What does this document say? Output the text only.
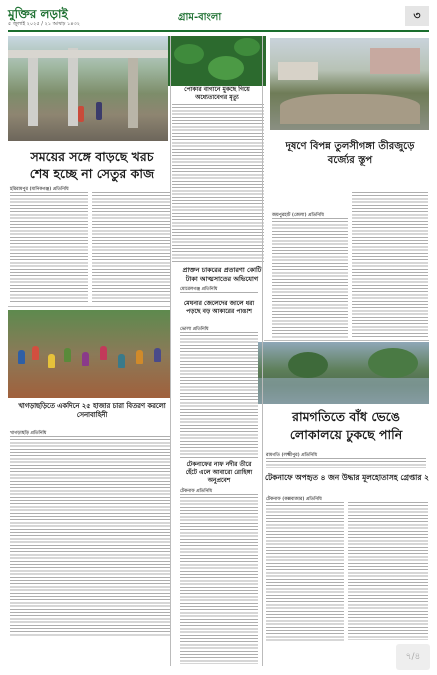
মুক্তির লড়াই
৫ জুলাই ২০২৫ / ২১ আষাঢ় ১৪৩২
গ্রাম-বাংলা	৩
সময়ের সঙ্গে বাড়ছে খরচ শেষ হচ্ছে না সেতুর কাজ
পোকার বাগানে মুকছে গিয়ে অধ্যেতাবেগর মৃত্যু
দূষণে বিপন্ন তুলসীগঙ্গা তীরজুড়ে বর্জ্যের স্তূপ
প্রাক্তন চাকরের প্রতারণা কোটি টাকা আত্মসাতের অভিযোগ
খাগড়াছড়িতে একদিনে ২৫ হাজার চারা বিতরণ করলো সেনাবাহিনী
মেঘনার জেলেদের জালে ধরা পড়ছে বড় আকারের পাঙাশ
রামগতিতে বাঁধ ভেঙে লোকালয়ে ঢুকছে পানি
টেকনাফের নাফ নদীর তীরে হেঁটে এলে আবারো রোহিঙ্গা অনুপ্রবেশ	টেকনাফে অপহৃত ৪ জন উদ্ধার মূলহোতাসহ গ্রেপ্তার ২
হরিরামপুর (মানিকগঞ্জ) প্রতিনিধি
জয়পুরহাট (জেলা) প্রতিনিধি
মোরেলগঞ্জ প্রতিনিধি
খাগড়াছড়ি প্রতিনিধি
ভোলা প্রতিনিধি
রামগতি (লক্ষ্মীপুর) প্রতিনিধি
টেকনাফ প্রতিনিধি
টেকনাফ (কক্সবাজার) প্রতিনিধি
৭/৪
